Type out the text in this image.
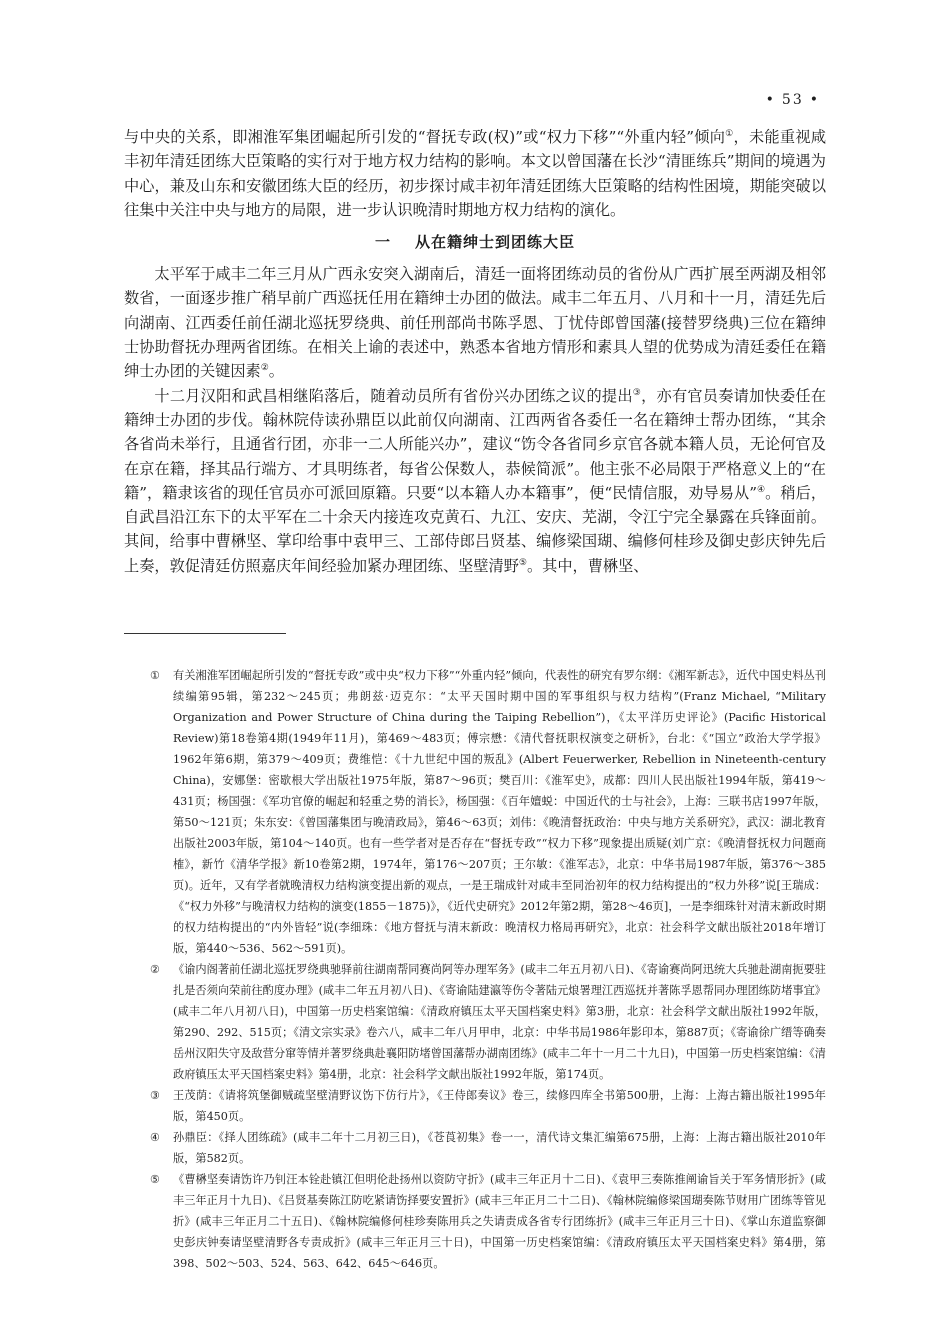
• 53 •

与中央的关系，即湘淮军集团崛起所引发的“督抚专政(权)”或“权力下移”“外重内轻”倾向①，未能重视咸丰初年清廷团练大臣策略的实行对于地方权力结构的影响。本文以曾国藩在长沙“清匪练兵”期间的境遇为中心，兼及山东和安徽团练大臣的经历，初步探讨咸丰初年清廷团练大臣策略的结构性困境，期能突破以往集中关注中央与地方的局限，进一步认识晚清时期地方权力结构的演化。

一 从在籍绅士到团练大臣

太平军于咸丰二年三月从广西永安突入湖南后，清廷一面将团练动员的省份从广西扩展至两湖及相邻数省，一面逐步推广稍早前广西巡抚任用在籍绅士办团的做法。咸丰二年五月、八月和十一月，清廷先后向湖南、江西委任前任湖北巡抚罗绕典、前任刑部尚书陈孚恩、丁忧侍郎曾国藩(接替罗绕典)三位在籍绅士协助督抚办理两省团练。在相关上谕的表述中，熟悉本省地方情形和素具人望的优势成为清廷委任在籍绅士办团的关键因素②。

十二月汉阳和武昌相继陷落后，随着动员所有省份兴办团练之议的提出③，亦有官员奏请加快委任在籍绅士办团的步伐。翰林院侍读孙鼎臣以此前仅向湖南、江西两省各委任一名在籍绅士帮办团练，“其余各省尚未举行，且通省行团，亦非一二人所能兴办”，建议“饬令各省同乡京官各就本籍人员，无论何官及在京在籍，择其品行端方、才具明练者，每省公保数人，恭候简派”。他主张不必局限于严格意义上的“在籍”，籍隶该省的现任官员亦可派回原籍。只要“以本籍人办本籍事”，便“民情信服，劝导易从”④。稍后，自武昌沿江东下的太平军在二十余天内接连攻克黄石、九江、安庆、芜湖，令江宁完全暴露在兵锋面前。其间，给事中曹楙坚、掌印给事中袁甲三、工部侍郎吕贤基、编修梁国瑚、编修何桂珍及御史彭庆钟先后上奏，敦促清廷仿照嘉庆年间经验加紧办理团练、坚壁清野⑤。其中，曹楙坚、

①	有关湘淮军团崛起所引发的“督抚专政”或中央“权力下移”“外重内轻”倾向，代表性的研究有罗尔纲：《湘军新志》，近代中国史料丛刊续编第95辑，第232～245页；弗朗兹·迈克尔：“太平天国时期中国的军事组织与权力结构”(Franz Michael, “Military Organization and Power Structure of China during the Taiping Rebellion”)，《太平洋历史评论》(Pacific Historical Review)第18卷第4期(1949年11月)，第469～483页；傅宗懋：《清代督抚职权演变之研析》，台北：《“国立”政治大学学报》1962年第6期，第379～409页；费维恺：《十九世纪中国的叛乱》(Albert Feuerwerker, Rebellion in Nineteenth-century China)，安娜堡：密歇根大学出版社1975年版，第87～96页；樊百川：《淮军史》，成都：四川人民出版社1994年版，第419～431页；杨国强：《军功官僚的崛起和轻重之势的消长》，杨国强：《百年嬗蜕：中国近代的士与社会》，上海：三联书店1997年版，第50～121页；朱东安：《曾国藩集团与晚清政局》，第46～63页；刘伟：《晚清督抚政治：中央与地方关系研究》，武汉：湖北教育出版社2003年版，第104～140页。也有一些学者对是否存在“督抚专政”“权力下移”现象提出质疑(刘广京：《晚清督抚权力问题商榷》，新竹《清华学报》新10卷第2期，1974年，第176～207页；王尔敏：《淮军志》，北京：中华书局1987年版，第376～385页)。近年，又有学者就晚清权力结构演变提出新的观点，一是王瑞成针对咸丰至同治初年的权力结构提出的“权力外移”说[王瑞成：《“权力外移”与晚清权力结构的演变(1855－1875)》，《近代史研究》2012年第2期，第28～46页]，一是李细珠针对清末新政时期的权力结构提出的“内外皆轻”说(李细珠：《地方督抚与清末新政：晚清权力格局再研究》，北京：社会科学文献出版社2018年增订版，第440～536、562～591页)。
②	《谕内阁著前任湖北巡抚罗绕典驰驿前往湖南帮同赛尚阿等办理军务》(咸丰二年五月初八日)、《寄谕赛尚阿迅统大兵驰赴湖南扼要驻扎是否须向荣前往酌度办理》(咸丰二年五月初八日)、《寄谕陆建瀛等伤令著陆元烺署理江西巡抚并著陈孚恩帮同办理团练防堵事宜》(咸丰二年八月初八日)，中国第一历史档案馆编：《清政府镇压太平天国档案史料》第3册，北京：社会科学文献出版社1992年版，第290、292、515页；《清文宗实录》卷六八，咸丰二年八月甲申，北京：中华书局1986年影印本，第887页；《寄谕徐广缙等确奏岳州汉阳失守及敌营分窜等情并著罗绕典赴襄阳防堵曾国藩帮办湖南团练》(咸丰二年十一月二十九日)，中国第一历史档案馆编：《清政府镇压太平天国档案史料》第4册，北京：社会科学文献出版社1992年版，第174页。
③	王茂荫：《请将筑堡御贼疏坚壁清野议饬下仿行片》，《王侍郎奏议》卷三，续修四库全书第500册，上海：上海古籍出版社1995年版，第450页。
④	孙鼎臣：《择人团练疏》(咸丰二年十二月初三日)，《苍莨初集》卷一一，清代诗文集汇编第675册，上海：上海古籍出版社2010年版，第582页。
⑤	《曹楙坚奏请饬许乃钊汪本铨赴镇江但明伦赴扬州以资防守折》(咸丰三年正月十二日)、《袁甲三奏陈推阐谕旨关于军务情形折》(咸丰三年正月十九日)、《吕贤基奏陈江防吃紧请饬择要安置折》(咸丰三年正月二十二日)、《翰林院编修梁国瑚奏陈节财用广团练等管见折》(咸丰三年正月二十五日)、《翰林院编修何桂珍奏陈用兵之失请责成各省专行团练折》(咸丰三年正月三十日)、《掌山东道监察御史彭庆钟奏请坚壁清野各专责成折》(咸丰三年正月三十日)，中国第一历史档案馆编：《清政府镇压太平天国档案史料》第4册，第398、502～503、524、563、642、645～646页。
